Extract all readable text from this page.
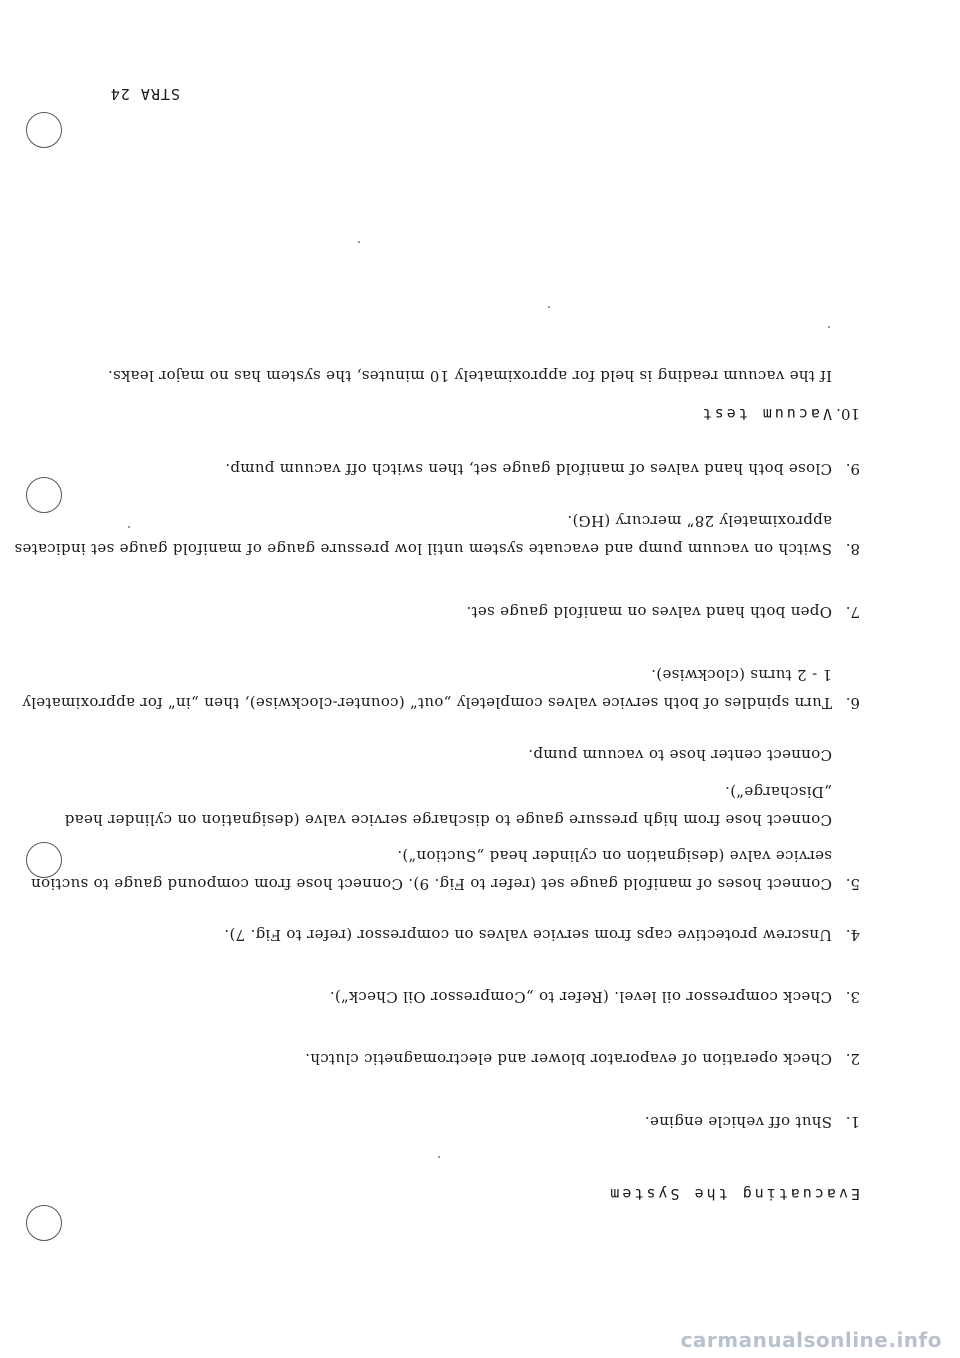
Evacuating the System
1.
Shut off vehicle engine.
2.
Check operation of evaporator blower and electromagnetic clutch.
3.
Check compressor oil level. (Refer to „Compressor Oil Check“).
4.
Unscrew protective caps from service valves on compressor (refer to Fig. 7).
5.
Connect hoses of manifold gauge set (refer to Fig. 9). Connect hose from compound gauge to suction
service valve (designation on cylinder head „Suction“).
Connect hose from high pressure gauge to discharge service valve (designation on cylinder head
„Discharge“).
Connect center hose to vacuum pump.
6.
Turn spindles of both service valves completely „out“ (counter-clockwise), then „in“ for approximately
1 - 2 turns (clockwise).
7.
Open both hand valves on manifold gauge set.
8.
Switch on vacuum pump and evacuate system until low pressure gauge of manifold gauge set indicates
approximately 28” mercury (HG).
9.
Close both hand valves of manifold gauge set, then switch off vacuum pump.
10.
Vacuum test
If the vacuum reading is held for approximately 10 minutes, the system has no major leaks.
STRA 24
carmanualsonline.info
